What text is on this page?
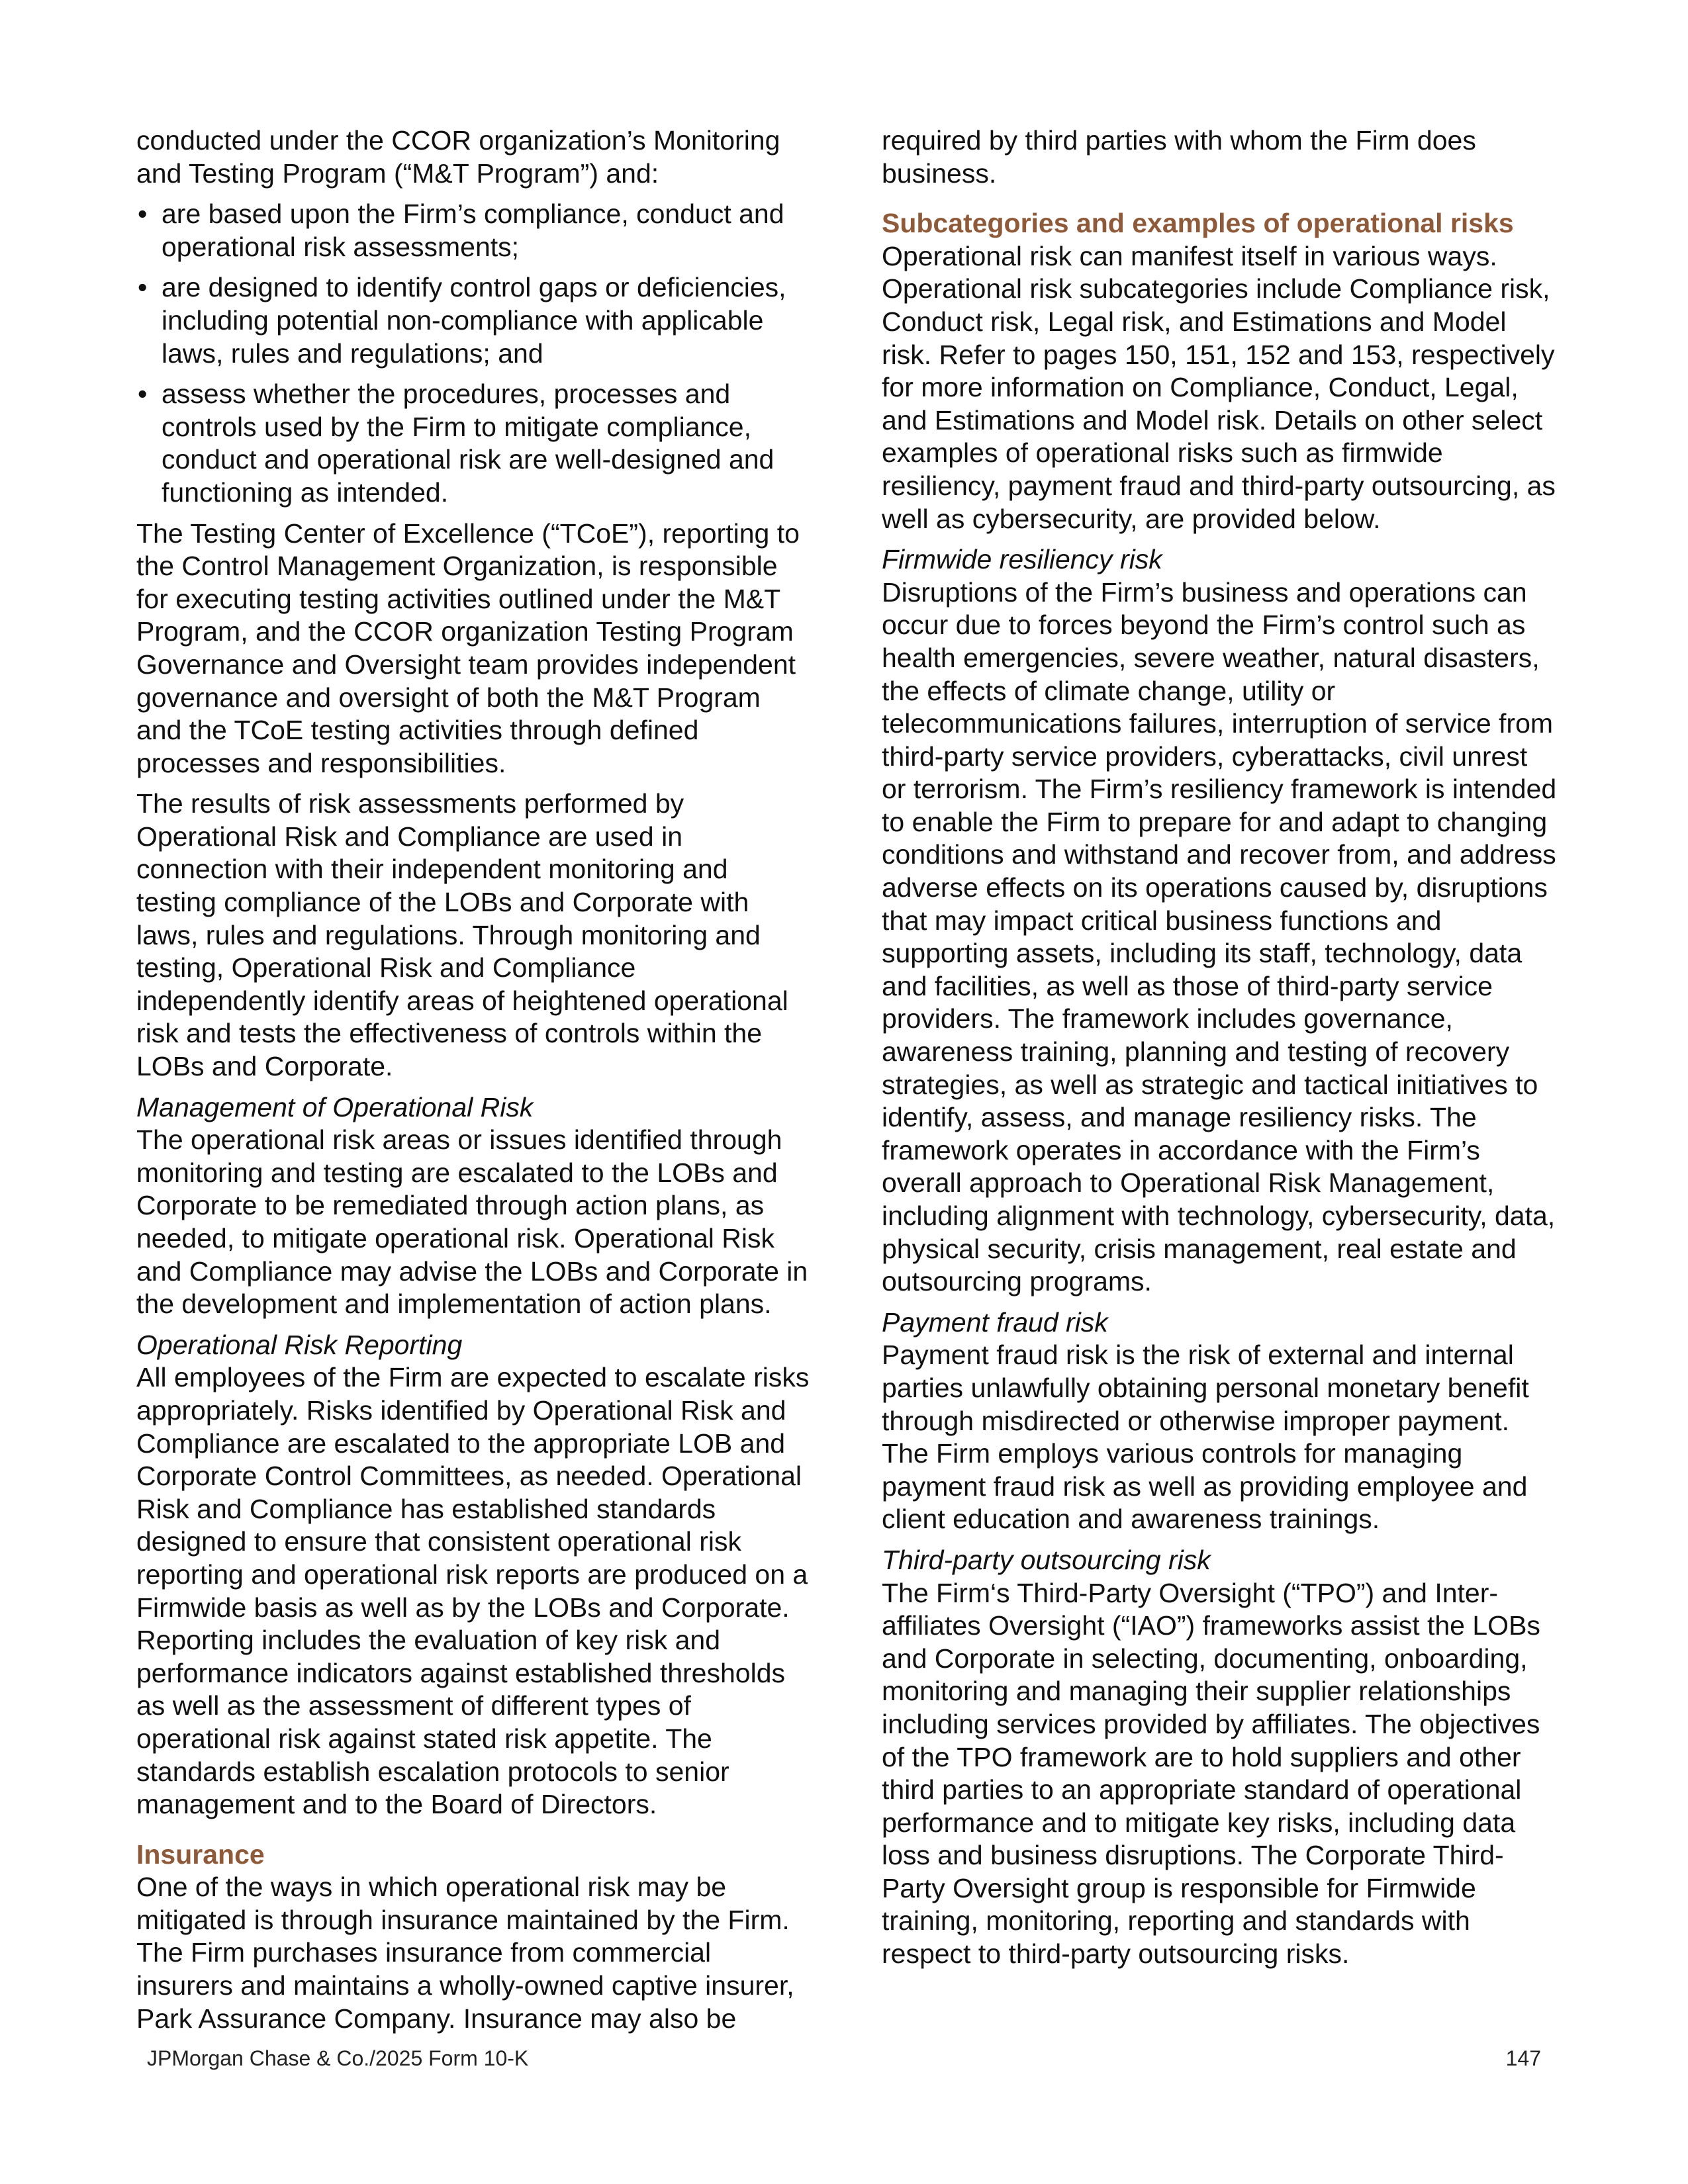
conducted under the CCOR organization’s Monitoring and Testing Program (“M&T Program”) and:

• are based upon the Firm’s compliance, conduct and operational risk assessments;
• are designed to identify control gaps or deficiencies, including potential non-compliance with applicable laws, rules and regulations; and
• assess whether the procedures, processes and controls used by the Firm to mitigate compliance, conduct and operational risk are well-designed and functioning as intended.

The Testing Center of Excellence (“TCoE”), reporting to the Control Management Organization, is responsible for executing testing activities outlined under the M&T Program, and the CCOR organization Testing Program Governance and Oversight team provides independent governance and oversight of both the M&T Program and the TCoE testing activities through defined processes and responsibilities.

The results of risk assessments performed by Operational Risk and Compliance are used in connection with their independent monitoring and testing compliance of the LOBs and Corporate with laws, rules and regulations. Through monitoring and testing, Operational Risk and Compliance independently identify areas of heightened operational risk and tests the effectiveness of controls within the LOBs and Corporate.

Management of Operational Risk

The operational risk areas or issues identified through monitoring and testing are escalated to the LOBs and Corporate to be remediated through action plans, as needed, to mitigate operational risk. Operational Risk and Compliance may advise the LOBs and Corporate in the development and implementation of action plans.

Operational Risk Reporting

All employees of the Firm are expected to escalate risks appropriately. Risks identified by Operational Risk and Compliance are escalated to the appropriate LOB and Corporate Control Committees, as needed. Operational Risk and Compliance has established standards designed to ensure that consistent operational risk reporting and operational risk reports are produced on a Firmwide basis as well as by the LOBs and Corporate. Reporting includes the evaluation of key risk and performance indicators against established thresholds as well as the assessment of different types of operational risk against stated risk appetite. The standards establish escalation protocols to senior management and to the Board of Directors.

Insurance

One of the ways in which operational risk may be mitigated is through insurance maintained by the Firm. The Firm purchases insurance from commercial insurers and maintains a wholly-owned captive insurer, Park Assurance Company. Insurance may also be

required by third parties with whom the Firm does business.

Subcategories and examples of operational risks

Operational risk can manifest itself in various ways. Operational risk subcategories include Compliance risk, Conduct risk, Legal risk, and Estimations and Model risk. Refer to pages 150, 151, 152 and 153, respectively for more information on Compliance, Conduct, Legal, and Estimations and Model risk. Details on other select examples of operational risks such as firmwide resiliency, payment fraud and third-party outsourcing, as well as cybersecurity, are provided below.

Firmwide resiliency risk

Disruptions of the Firm’s business and operations can occur due to forces beyond the Firm’s control such as health emergencies, severe weather, natural disasters, the effects of climate change, utility or telecommunications failures, interruption of service from third-party service providers, cyberattacks, civil unrest or terrorism. The Firm’s resiliency framework is intended to enable the Firm to prepare for and adapt to changing conditions and withstand and recover from, and address adverse effects on its operations caused by, disruptions that may impact critical business functions and supporting assets, including its staff, technology, data and facilities, as well as those of third-party service providers. The framework includes governance, awareness training, planning and testing of recovery strategies, as well as strategic and tactical initiatives to identify, assess, and manage resiliency risks. The framework operates in accordance with the Firm’s overall approach to Operational Risk Management, including alignment with technology, cybersecurity, data, physical security, crisis management, real estate and outsourcing programs.

Payment fraud risk

Payment fraud risk is the risk of external and internal parties unlawfully obtaining personal monetary benefit through misdirected or otherwise improper payment. The Firm employs various controls for managing payment fraud risk as well as providing employee and client education and awareness trainings.

Third-party outsourcing risk

The Firm‘s Third-Party Oversight (“TPO”) and Inter-affiliates Oversight (“IAO”) frameworks assist the LOBs and Corporate in selecting, documenting, onboarding, monitoring and managing their supplier relationships including services provided by affiliates. The objectives of the TPO framework are to hold suppliers and other third parties to an appropriate standard of operational performance and to mitigate key risks, including data loss and business disruptions. The Corporate Third-Party Oversight group is responsible for Firmwide training, monitoring, reporting and standards with respect to third-party outsourcing risks.

JPMorgan Chase & Co./2025 Form 10-K	147
